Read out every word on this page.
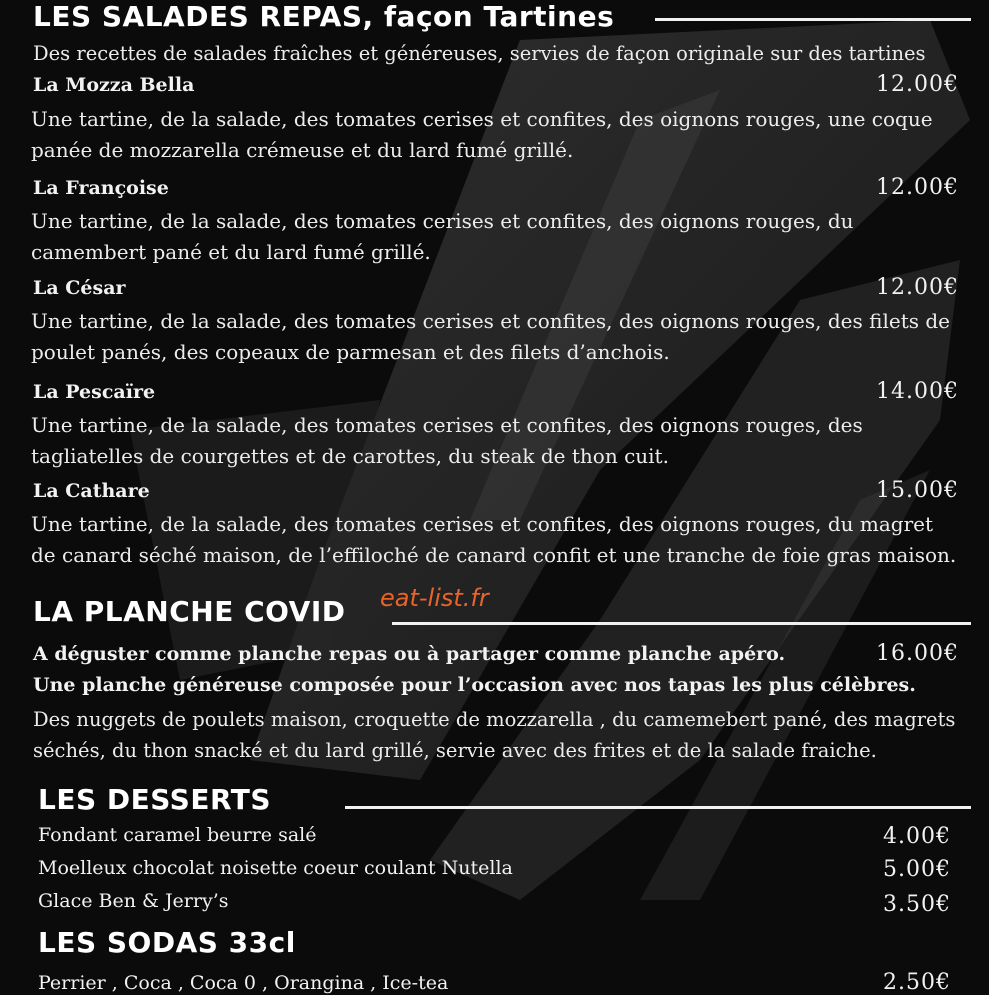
LES SALADES REPAS, façon Tartines
Des recettes de salades fraîches et généreuses, servies de façon originale sur des tartines
La Mozza Bella	12.00€
Une tartine, de la salade, des tomates cerises et confites, des oignons rouges, une coque panée de mozzarella crémeuse et du lard fumé grillé.
La Françoise	12.00€
Une tartine, de la salade, des tomates cerises et confites, des oignons rouges, du camembert pané et du lard fumé grillé.
La César	12.00€
Une tartine, de la salade, des tomates cerises et confites, des oignons rouges, des filets de poulet panés, des copeaux de parmesan et des filets d’anchois.
La Pescaïre	14.00€
Une tartine, de la salade, des tomates cerises et confites, des oignons rouges, des tagliatelles de courgettes et de carottes, du steak de thon cuit.
La Cathare	15.00€
Une tartine, de la salade, des tomates cerises et confites, des oignons rouges, du magret de canard séché maison, de l’effiloché de canard confit et une tranche de foie gras maison.
LA PLANCHE COVID eat-list.fr
A déguster comme planche repas ou à partager comme planche apéro.	16.00€
Une planche généreuse composée pour l’occasion avec nos tapas les plus célèbres.
Des nuggets de poulets maison, croquette de mozzarella , du camemebert pané, des magrets séchés, du thon snacké et du lard grillé, servie avec des frites et de la salade fraiche.
LES DESSERTS
Fondant caramel beurre salé	4.00€
Moelleux chocolat noisette coeur coulant Nutella	5.00€
Glace Ben & Jerry’s	3.50€
LES SODAS 33cl
Perrier , Coca , Coca 0 , Orangina , Ice-tea	2.50€
